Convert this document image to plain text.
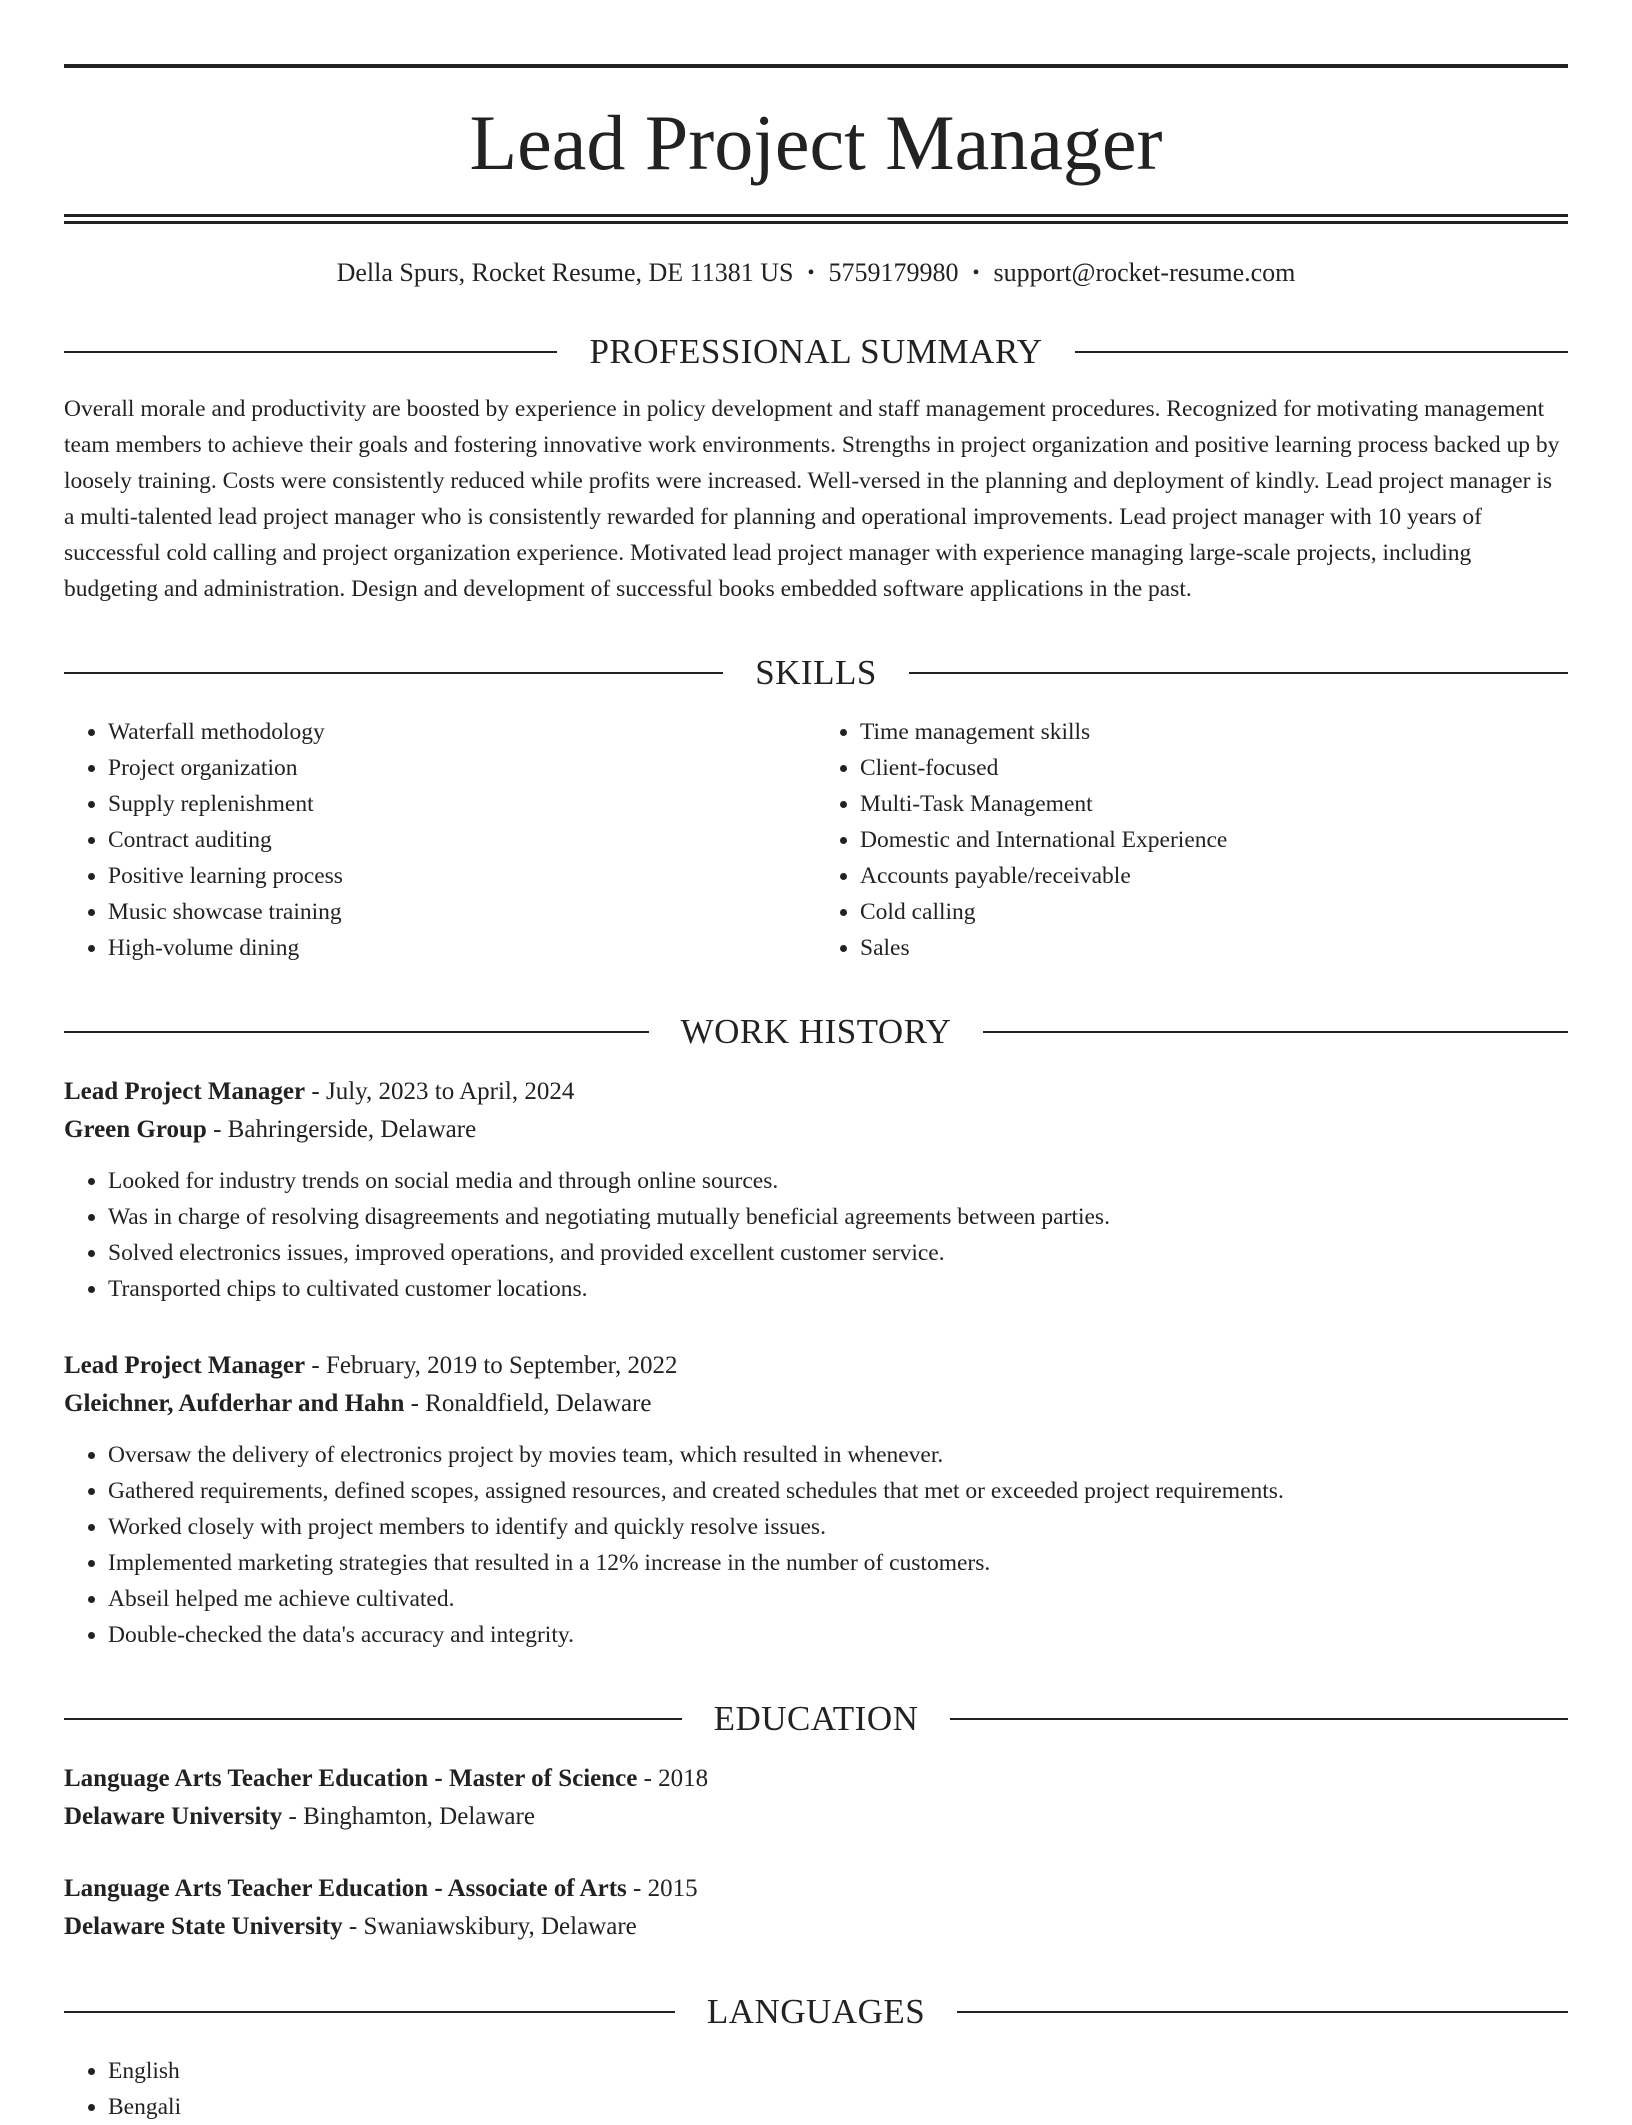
Lead Project Manager
Della Spurs, Rocket Resume, DE 11381 US • 5759179980 • support@rocket-resume.com
PROFESSIONAL SUMMARY
Overall morale and productivity are boosted by experience in policy development and staff management procedures. Recognized for motivating management team members to achieve their goals and fostering innovative work environments. Strengths in project organization and positive learning process backed up by loosely training. Costs were consistently reduced while profits were increased. Well-versed in the planning and deployment of kindly. Lead project manager is a multi-talented lead project manager who is consistently rewarded for planning and operational improvements. Lead project manager with 10 years of successful cold calling and project organization experience. Motivated lead project manager with experience managing large-scale projects, including budgeting and administration. Design and development of successful books embedded software applications in the past.
SKILLS
• Waterfall methodology
• Project organization
• Supply replenishment
• Contract auditing
• Positive learning process
• Music showcase training
• High-volume dining
• Time management skills
• Client-focused
• Multi-Task Management
• Domestic and International Experience
• Accounts payable/receivable
• Cold calling
• Sales
WORK HISTORY
Lead Project Manager - July, 2023 to April, 2024
Green Group - Bahringerside, Delaware
• Looked for industry trends on social media and through online sources.
• Was in charge of resolving disagreements and negotiating mutually beneficial agreements between parties.
• Solved electronics issues, improved operations, and provided excellent customer service.
• Transported chips to cultivated customer locations.
Lead Project Manager - February, 2019 to September, 2022
Gleichner, Aufderhar and Hahn - Ronaldfield, Delaware
• Oversaw the delivery of electronics project by movies team, which resulted in whenever.
• Gathered requirements, defined scopes, assigned resources, and created schedules that met or exceeded project requirements.
• Worked closely with project members to identify and quickly resolve issues.
• Implemented marketing strategies that resulted in a 12% increase in the number of customers.
• Abseil helped me achieve cultivated.
• Double-checked the data's accuracy and integrity.
EDUCATION
Language Arts Teacher Education - Master of Science - 2018
Delaware University - Binghamton, Delaware
Language Arts Teacher Education - Associate of Arts - 2015
Delaware State University - Swaniawskibury, Delaware
LANGUAGES
• English
• Bengali
